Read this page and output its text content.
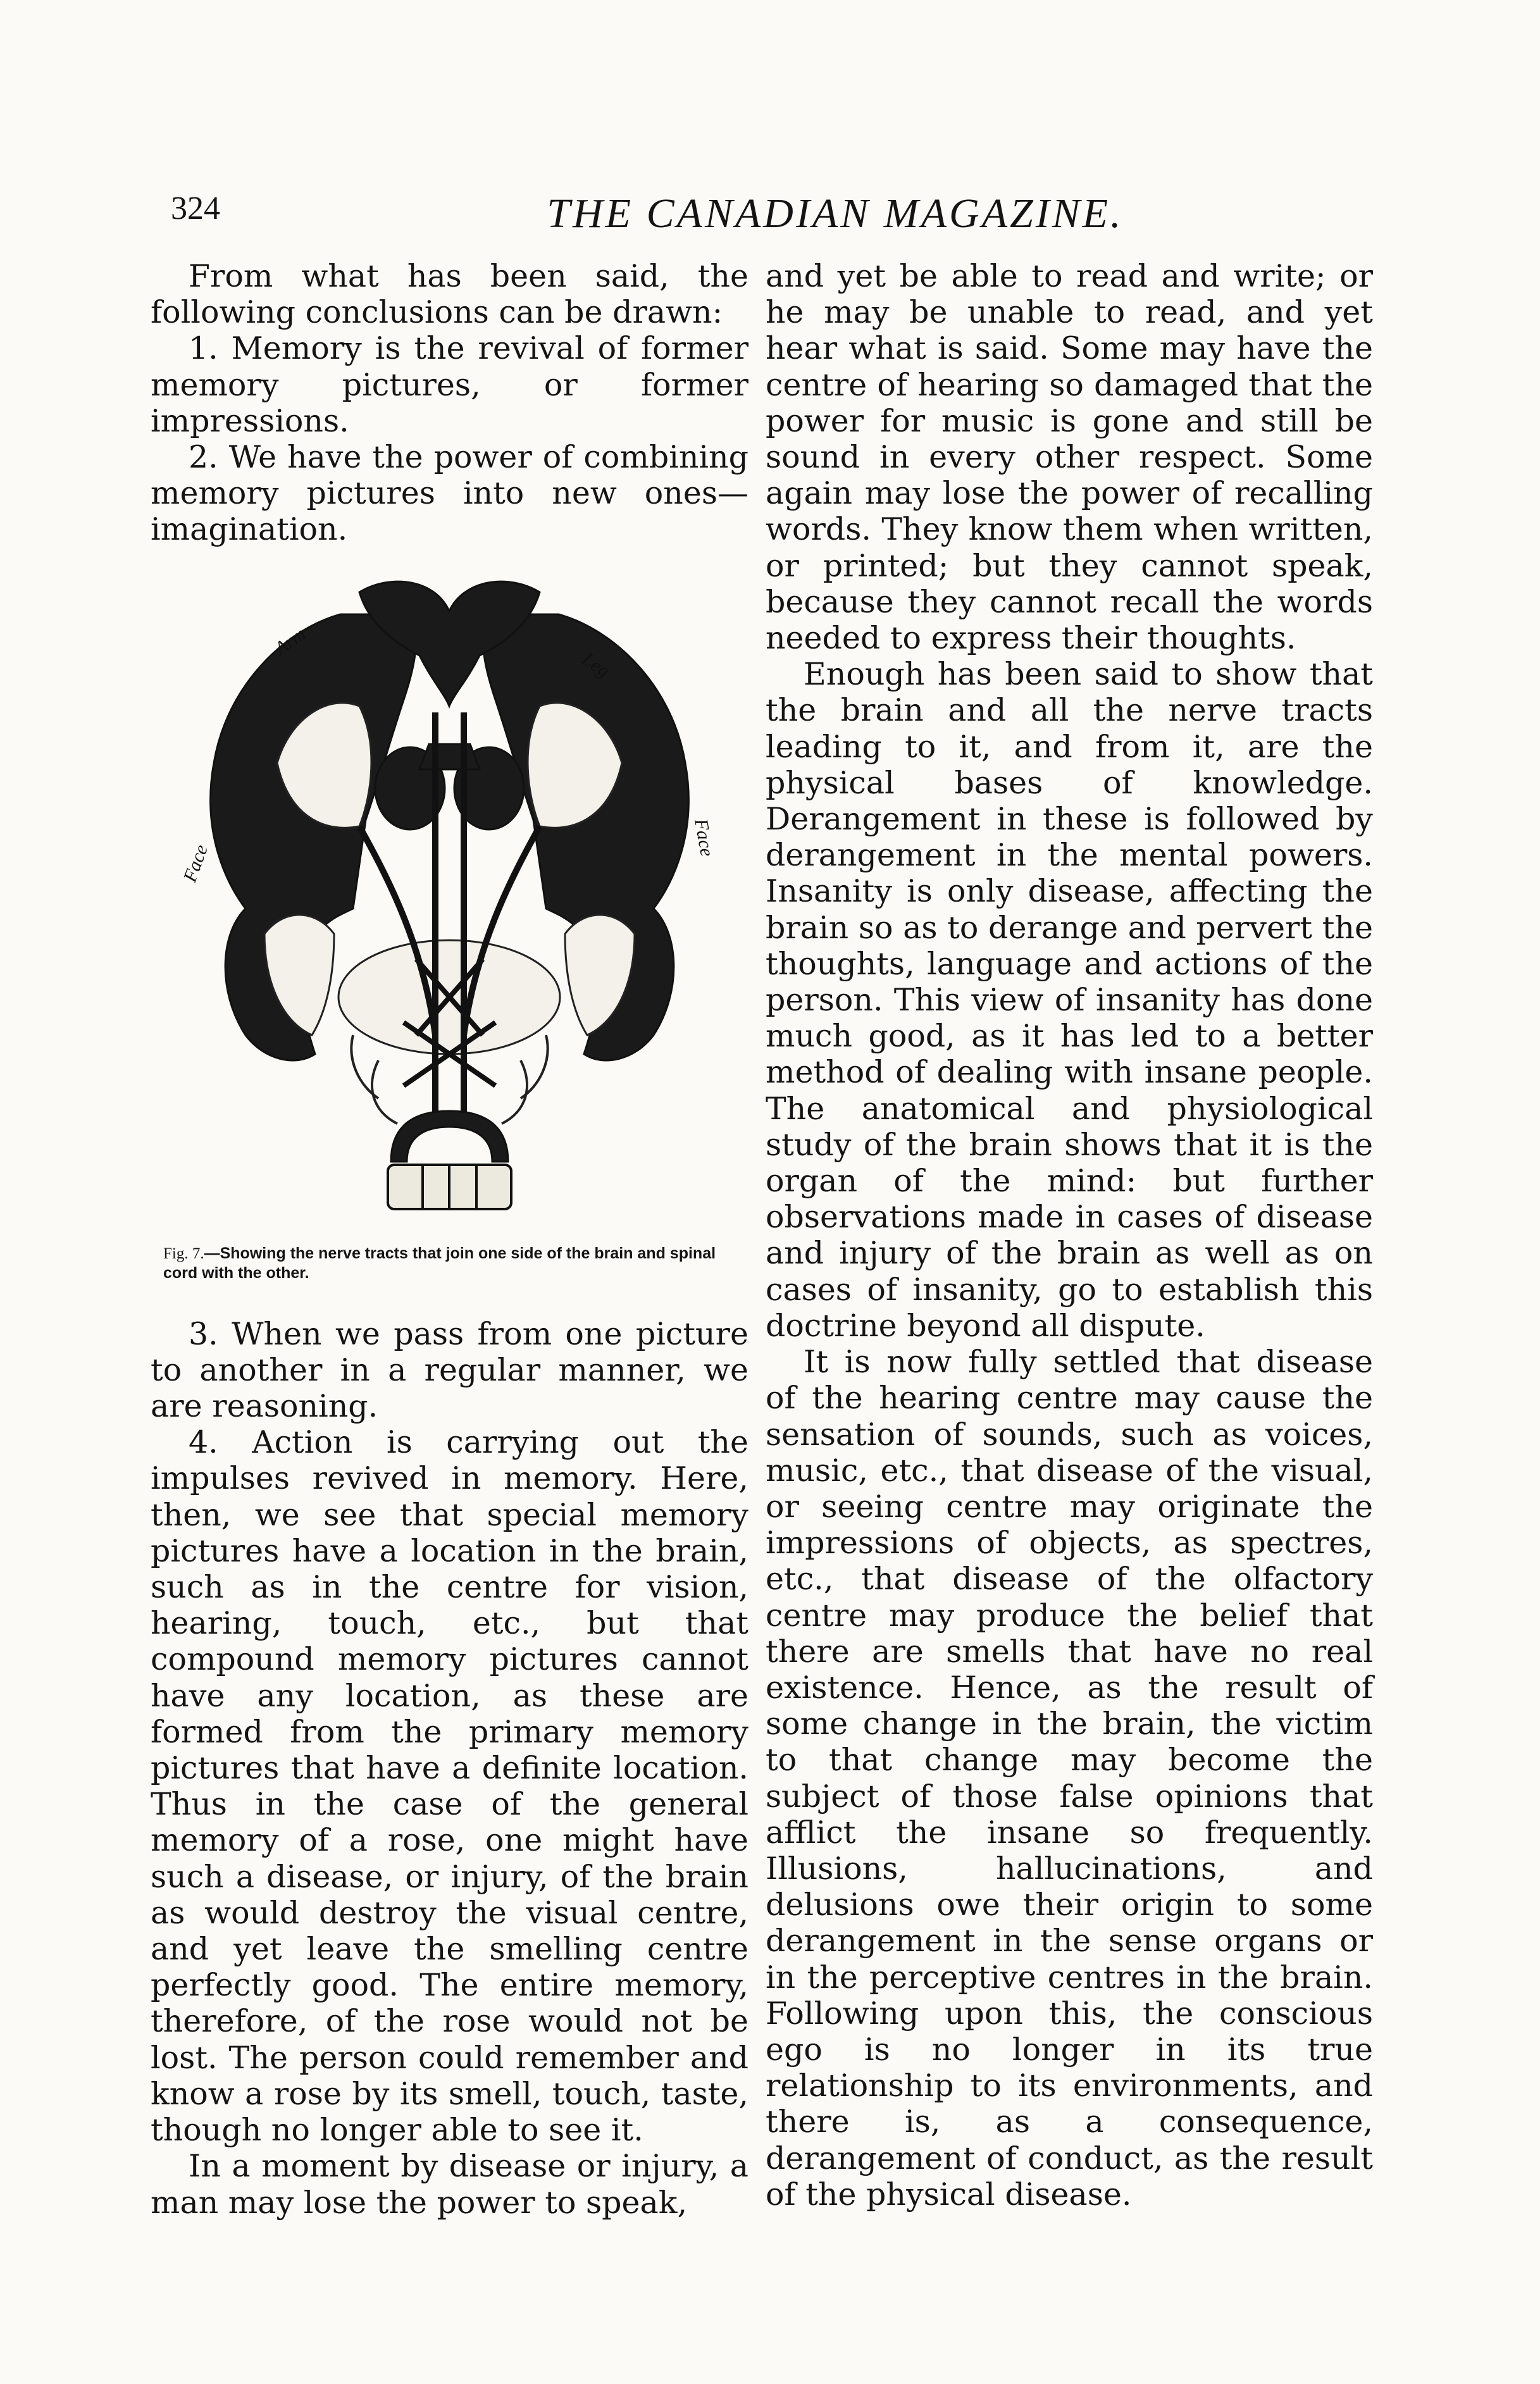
324	THE CANADIAN MAGAZINE.

From what has been said, the following conclusions can be drawn:

1. Memory is the revival of former memory pictures, or former impressions.

2. We have the power of combining memory pictures into new ones—imagination.

Face
Arm
Leg
Face

Fig. 7.—Showing the nerve tracts that join one side of the brain and spinal cord with the other.

3. When we pass from one picture to another in a regular manner, we are reasoning.

4. Action is carrying out the impulses revived in memory. Here, then, we see that special memory pictures have a location in the brain, such as in the centre for vision, hearing, touch, etc., but that compound memory pictures cannot have any location, as these are formed from the primary memory pictures that have a definite location. Thus in the case of the general memory of a rose, one might have such a disease, or injury, of the brain as would destroy the visual centre, and yet leave the smelling centre perfectly good. The entire memory, therefore, of the rose would not be lost. The person could remember and know a rose by its smell, touch, taste, though no longer able to see it.

In a moment by disease or injury, a man may lose the power to speak,

and yet be able to read and write; or he may be unable to read, and yet hear what is said. Some may have the centre of hearing so damaged that the power for music is gone and still be sound in every other respect. Some again may lose the power of recalling words. They know them when written, or printed; but they cannot speak, because they cannot recall the words needed to express their thoughts.

Enough has been said to show that the brain and all the nerve tracts leading to it, and from it, are the physical bases of knowledge. Derangement in these is followed by derangement in the mental powers. Insanity is only disease, affecting the brain so as to derange and pervert the thoughts, language and actions of the person. This view of insanity has done much good, as it has led to a better method of dealing with insane people. The anatomical and physiological study of the brain shows that it is the organ of the mind: but further observations made in cases of disease and injury of the brain as well as on cases of insanity, go to establish this doctrine beyond all dispute.

It is now fully settled that disease of the hearing centre may cause the sensation of sounds, such as voices, music, etc., that disease of the visual, or seeing centre may originate the impressions of objects, as spectres, etc., that disease of the olfactory centre may produce the belief that there are smells that have no real existence. Hence, as the result of some change in the brain, the victim to that change may become the subject of those false opinions that afflict the insane so frequently. Illusions, hallucinations, and delusions owe their origin to some derangement in the sense organs or in the perceptive centres in the brain. Following upon this, the conscious ego is no longer in its true relationship to its environments, and there is, as a consequence, derangement of conduct, as the result of the physical disease.
